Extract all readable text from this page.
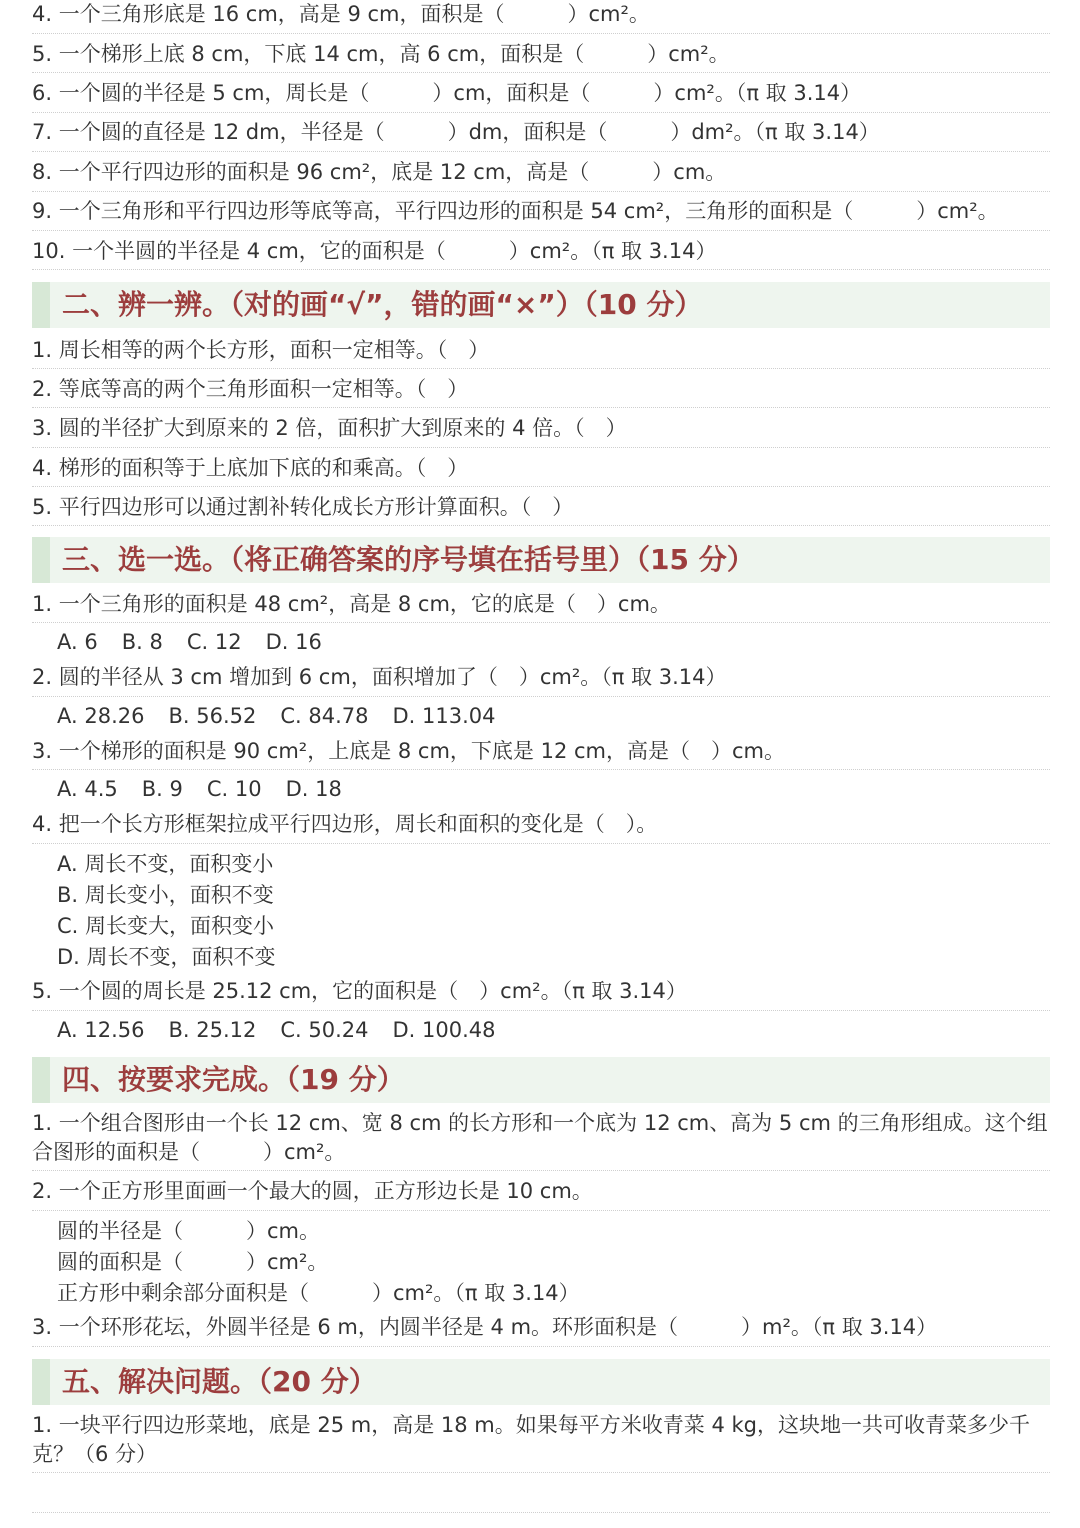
4. 一个三角形底是 16 cm，高是 9 cm，面积是（　　　）cm²。
5. 一个梯形上底 8 cm，下底 14 cm，高 6 cm，面积是（　　　）cm²。
6. 一个圆的半径是 5 cm，周长是（　　　）cm，面积是（　　　）cm²。（π 取 3.14）
7. 一个圆的直径是 12 dm，半径是（　　　）dm，面积是（　　　）dm²。（π 取 3.14）
8. 一个平行四边形的面积是 96 cm²，底是 12 cm，高是（　　　）cm。
9. 一个三角形和平行四边形等底等高，平行四边形的面积是 54 cm²，三角形的面积是（　　　）cm²。
10. 一个半圆的半径是 4 cm，它的面积是（　　　）cm²。（π 取 3.14）
二、辨一辨。（对的画“√”，错的画“×”）（10 分）
1. 周长相等的两个长方形，面积一定相等。（　）
2. 等底等高的两个三角形面积一定相等。（　）
3. 圆的半径扩大到原来的 2 倍，面积扩大到原来的 4 倍。（　）
4. 梯形的面积等于上底加下底的和乘高。（　）
5. 平行四边形可以通过割补转化成长方形计算面积。（　）
三、选一选。（将正确答案的序号填在括号里）（15 分）
1. 一个三角形的面积是 48 cm²，高是 8 cm，它的底是（　）cm。
A. 6 B. 8 C. 12 D. 16
2. 圆的半径从 3 cm 增加到 6 cm，面积增加了（　）cm²。（π 取 3.14）
A. 28.26 B. 56.52 C. 84.78 D. 113.04
3. 一个梯形的面积是 90 cm²，上底是 8 cm，下底是 12 cm，高是（　）cm。
A. 4.5 B. 9 C. 10 D. 18
4. 把一个长方形框架拉成平行四边形，周长和面积的变化是（　）。
A. 周长不变，面积变小
B. 周长变小，面积不变
C. 周长变大，面积变小
D. 周长不变，面积不变
5. 一个圆的周长是 25.12 cm，它的面积是（　）cm²。（π 取 3.14）
A. 12.56 B. 25.12 C. 50.24 D. 100.48
四、按要求完成。（19 分）
1. 一个组合图形由一个长 12 cm、宽 8 cm 的长方形和一个底为 12 cm、高为 5 cm 的三角形组成。这个组合图形的面积是（　　　）cm²。
2. 一个正方形里面画一个最大的圆，正方形边长是 10 cm。
圆的半径是（　　　）cm。
圆的面积是（　　　）cm²。
正方形中剩余部分面积是（　　　）cm²。（π 取 3.14）
3. 一个环形花坛，外圆半径是 6 m，内圆半径是 4 m。环形面积是（　　　）m²。（π 取 3.14）
五、解决问题。（20 分）
1. 一块平行四边形菜地，底是 25 m，高是 18 m。如果每平方米收青菜 4 kg，这块地一共可收青菜多少千克？（6 分）
